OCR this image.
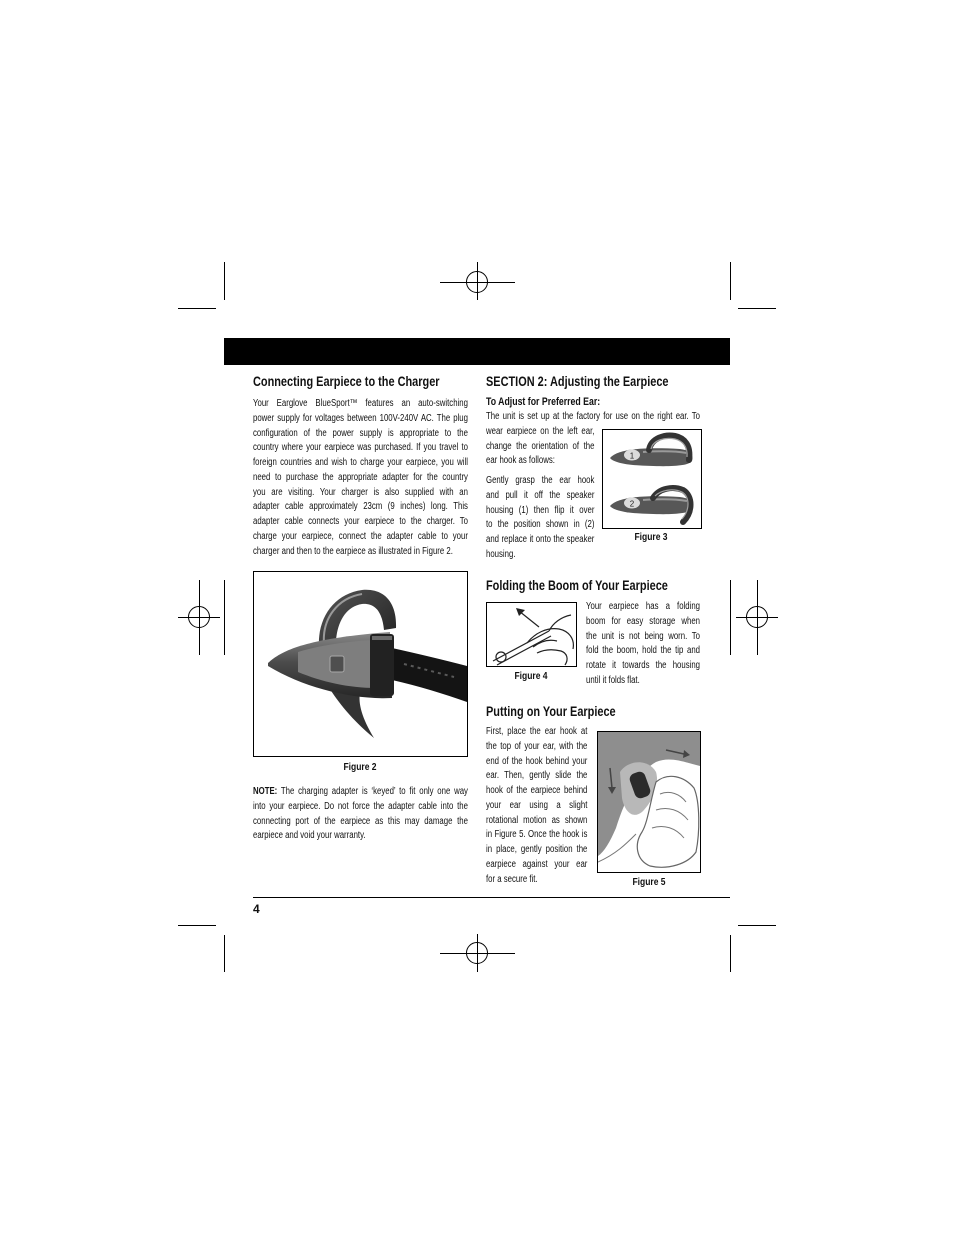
Connecting Earpiece to the Charger
Your Earglove BlueSport™ features an auto-switching
power supply for voltages between 100V-240V AC. The plug
configuration of the power supply is appropriate to the
country where your earpiece was purchased. If you travel to
foreign countries and wish to charge your earpiece, you will
need to purchase the appropriate adapter for the country
you are visiting. Your charger is also supplied with an
adapter cable approximately 23cm (9 inches) long. This
adapter cable connects your earpiece to the charger. To
charge your earpiece, connect the adapter cable to your
charger and then to the earpiece as illustrated in Figure 2.
Figure 2
NOTE: The charging adapter is ‘keyed’ to fit only one way
into your earpiece. Do not force the adapter cable into the
connecting port of the earpiece as this may damage the
earpiece and void your warranty.
SECTION 2: Adjusting the Earpiece
To Adjust for Preferred Ear:
The unit is set up at the factory for use on the right ear. To
wear earpiece on the left ear,
change the orientation of the
ear hook as follows:
Gently grasp the ear hook
and pull it off the speaker
housing (1) then flip it over
to the position shown in (2)
and replace it onto the speaker
housing.
1
2
Figure 3
Folding the Boom of Your Earpiece
Figure 4
Your earpiece has a folding
boom for easy storage when
the unit is not being worn. To
fold the boom, hold the tip and
rotate it towards the housing
until it folds flat.
Putting on Your Earpiece
First, place the ear hook at
the top of your ear, with the
end of the hook behind your
ear. Then, gently slide the
hook of the earpiece behind
your ear using a slight
rotational motion as shown
in Figure 5. Once the hook is
in place, gently position the
earpiece against your ear
for a secure fit.	Figure 5
4
